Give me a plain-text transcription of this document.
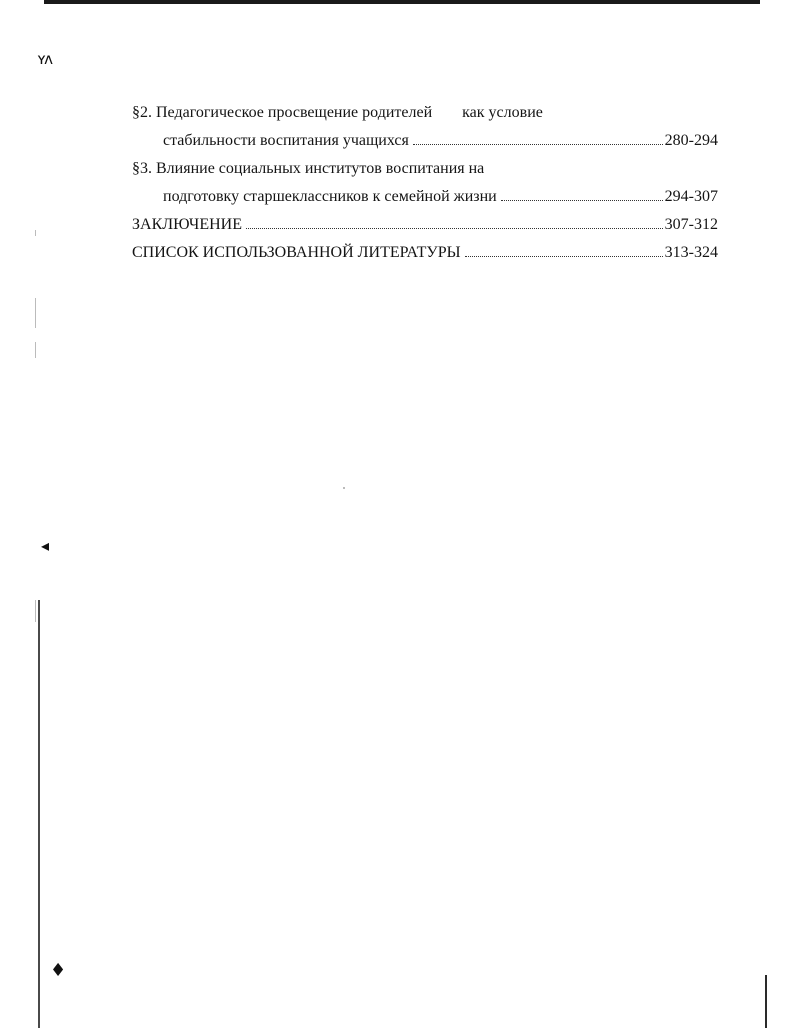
ʏʌ
◂
♦
§2. Педагогическое просвещение родителей как условие
стабильности воспитания учащихся	280-294
§3. Влияние социальных институтов воспитания на
подготовку старшеклассников к семейной жизни	294-307
ЗАКЛЮЧЕНИЕ	307-312
СПИСОК ИСПОЛЬЗОВАННОЙ ЛИТЕРАТУРЫ	313-324
